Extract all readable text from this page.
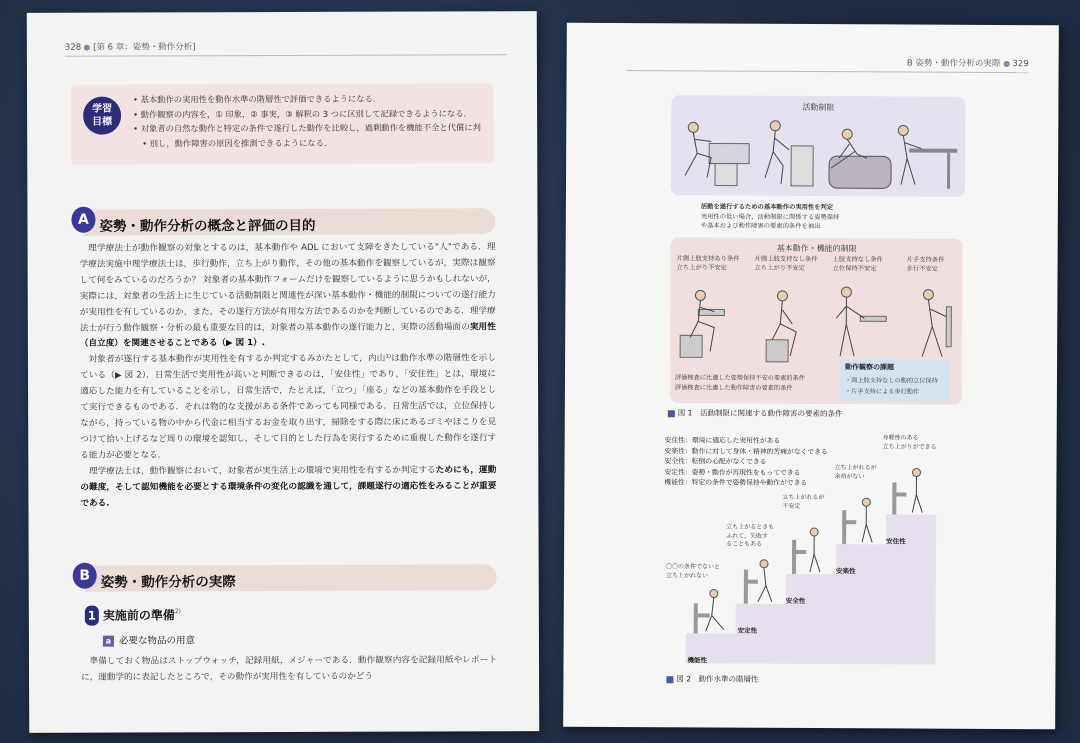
328 [第 6 章：姿勢・動作分析]
学習
目標
• 基本動作の実用性を動作水準の階層性で評価できるようになる.
• 動作観察の内容を，① 印象，② 事実，③ 解釈の 3 つに区別して記録できるようになる.
• 対象者の自然な動作と特定の条件で遂行した動作を比較し，過剰動作を機能不全と代償に判
• 別し，動作障害の原因を推測できるようになる.
A 姿勢・動作分析の概念と評価の目的

理学療法士が動作観察の対象とするのは，基本動作や ADL において支障をきたしている"人"である．理学療法実施中理学療法士は，歩行動作，立ち上がり動作，その他の基本動作を観察しているが，実際は観察して何をみているのだろうか？ 対象者の基本動作フォームだけを観察しているように思うかもしれないが，実際には，対象者の生活上に生じている活動制限と関連性が深い基本動作・機能的制限についての遂行能力が実用性を有しているのか，また，その遂行方法が有用な方法であるのかを判断しているのである．理学療法士が行う動作観察・分析の最も重要な目的は，対象者の基本動作の遂行能力と，実際の活動場面の実用性（自立度）を関連させることである（▶ 図 1）.

対象者が遂行する基本動作が実用性を有するか判定するみかたとして，内山¹⁾は動作水準の階層性を示している（▶ 図 2）．日常生活で実用性が高いと判断できるのは，「安住性」であり，「安住性」とは，環境に適応した能力を有していることを示し，日常生活で，たとえば，「立つ」「座る」などの基本動作を手段として実行できるものである．それは物的な支援がある条件であっても同様である．日常生活では，立位保持しながら，持っている物の中から代金に相当するお金を取り出す，掃除をする際に床にあるゴミやほこりを見つけて拾い上げるなど周りの環境を認知し，そして目的とした行為を実行するために重視した動作を遂行する能力が必要となる.

理学療法士は，動作観察において，対象者が実生活上の環境で実用性を有するか判定するためにも，運動の難度，そして認知機能を必要とする環境条件の変化の認識を通して，課題遂行の適応性をみることが重要である.

B 姿勢・動作分析の実際
1 実施前の準備$^{2)}$
a 必要な物品の用意

準備しておく物品はストップウォッチ，記録用紙，メジャーである．動作観察内容を記録用紙やレポートに，運動学的に表記したところで，その動作が実用性を有しているのかどう

B 姿勢・動作分析の実際 329
活動制限
活動を遂行するための基本動作の実用性を判定
実用性の低い場合，活動制限に関係する姿勢保持
や基本および動作障害の要素的条件を抽出
基本動作・機能的制限
片側上肢支持あり条件
立ち上がり不安定
片側上肢支持なし条件
立ち上がり不安定
上肢支持なし条件
立位保持不安定
片手支持条件
歩行不安定
評価検査に比適した姿勢保持不安の要素的条件
評価検査に比適した動作障害の要素的条件
動作観察の課題
・両上肢支持なしの動的立位保持
・片手支持による歩行動作
図 1　活動制限に関連する動作障害の要素的条件
安住性：環境に適応した実用性がある
安楽性：動作に対して身体・精神的苦痛がなくできる
安全性：転倒の心配がなくできる
安定性：姿勢・動作が再現性をもってできる
機能性：特定の条件で姿勢保持や動作ができる
機能性
安定性
安全性
安楽性
安住性
〇〇の条件でないと
立ち上がれない
立ち上がるときも
ふれて，失敗す
ることもある
立ち上がれるが
不安定
立ち上がれるが
余裕がない
身軽性のある
立ち上がりができる
図 2　動作水準の階層性
